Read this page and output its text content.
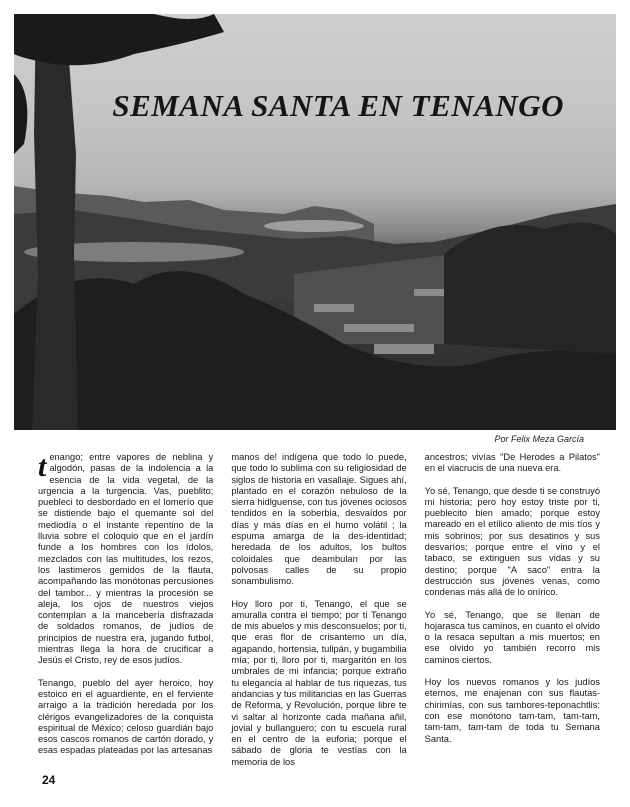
SEMANA SANTA EN TENANGO
Por Felix Meza García

tenango; entre vapores de neblina y algodón, pasas de la indolencia a la esencia de la vida vegetal, de la urgencia a la turgencia. Vas, pueblito; puebleci to desbordado en el lomerío que se distiende bajo el quemante sol del mediodía o el instante repentino de la lluvia sobre el coloquio que en el jardín funde a los hombres con los ídolos, mezclados con las multitudes, los rezos, los lastimeros gemidos de la flauta, acompañando las monótonas percusiones del tambor... y mientras la procesión se aleja, los ojos de nuestros viejos contemplan a la mancebería disfrazada de soldados romanos, de judíos de principios de nuestra era, jugando futbol, mientras llega la hora de crucificar a Jesús el Cristo, rey de esos judíos.

Tenango, pueblo del ayer heroico, hoy estoico en el aguardiente, en el ferviente arraigo a la tradición heredada por los clérigos evangelizadores de la conquista espiritual de México; celoso guardián bajo esos cascos romanos de cartón dorado, y esas espadas plateadas por las artesanas

manos de! indígena que todo lo puede, que todo lo sublima con su religiosidad de siglos de historia en vasallaje. Sigues ahí, plantado en el corazón nebuloso de la sierra hidlguense, con tus jóvenes ociosos tendidos en la soberbia, desvaídos por días y más días en el humo volátil ; la espuma amarga de la des-identidad; heredada de los adultos, los bultos coloidales que deambulan por las polvosas calles de su propio sonambulismo.

Hoy lloro por ti, Tenango, el que se amuralla contra el tiempo; por ti Tenango de mis abuelos y mis desconsuelos; por ti, que eras flor de crisantemo un día, agapando, hortensia, tulipán, y bugambilia mía; por ti, lloro por ti, margaritón en los umbrales de mi infancia; porque extraño tu elegancia al hablar de tus riquezas, tus andancias y tus militancias en las Guerras de Reforma, y Revolución, porque libre te vi saltar al horizonte cada mañana añil, jovial y bullanguero; con tu escuela rural en el centro de la euforia; porque el sábado de gloria te vestías con la memoria de los

ancestros; vivías "De Herodes a Pilatos" en el viacrucis de una nueva era.

Yo sé, Tenango, que desde ti se construyó mi historia; pero hoy estoy triste por ti, pueblecito bien amado; porque estoy mareado en el etílico aliento de mis tíos y mis sobrinos; por sus desatinos y sus desvaríos; porque entre el vino y el tabaco, se extinguen sus vidas y su destino; porque "A saco" entra la destrucción sus jóvenes venas, como condenas más allá de lo onírico.

Yo sé, Tenango, que se llenan de hojarasca tus caminos, en cuanto el olvido o la resaca sepultan a mis muertos; en ese olvido yo también recorro mis caminos ciertos.

Hoy los nuevos romanos y los judíos eternos, me enajenan con sus flautas-chirimías, con sus tambores-teponachtlis: con ese monótono tam-tam, tam-tam, tam-tam, tam-tam de toda tu Semana Santa.

24
